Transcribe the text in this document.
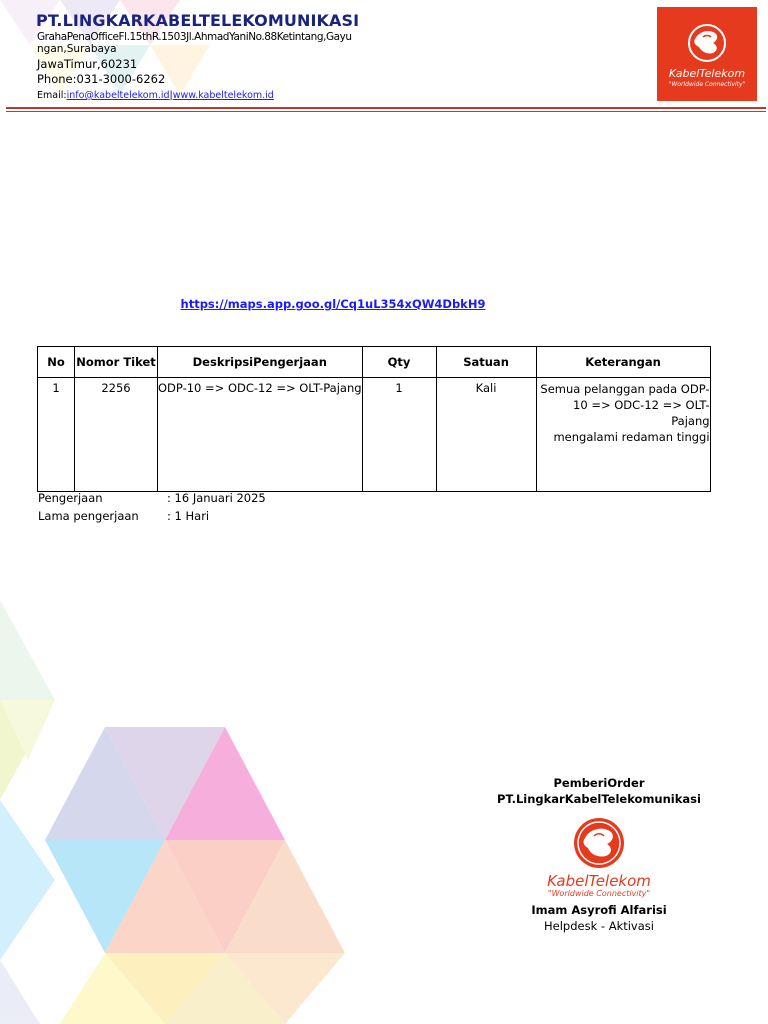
PT.LINGKARKABELTELEKOMUNIKASI
GrahaPenaOfficeFl.15thR.1503Jl.AhmadYaniNo.88Ketintang,Gayu
ngan,Surabaya
JawaTimur,60231
Phone:031-3000-6262
Email:info@kabeltelekom.id|www.kabeltelekom.id
KabelTelekom
"Worldwide Connectivity"
https://maps.app.goo.gl/Cq1uL354xQW4DbkH9
No	Nomor Tiket	DeskripsiPengerjaan	Qty	Satuan	Keterangan
1	2256	ODP-10 => ODC-12 => OLT-Pajang	1	Kali	Semua pelanggan pada ODP-
10 => ODC-12 => OLT-Pajang
mengalami redaman tinggi
Pengerjaan	: 16 Januari 2025
Lama pengerjaan : 1 Hari
PemberiOrder
PT.LingkarKabelTelekomunikasi
KabelTelekom
"Worldwide Connectivity"
Imam Asyrofi Alfarisi
Helpdesk - Aktivasi
